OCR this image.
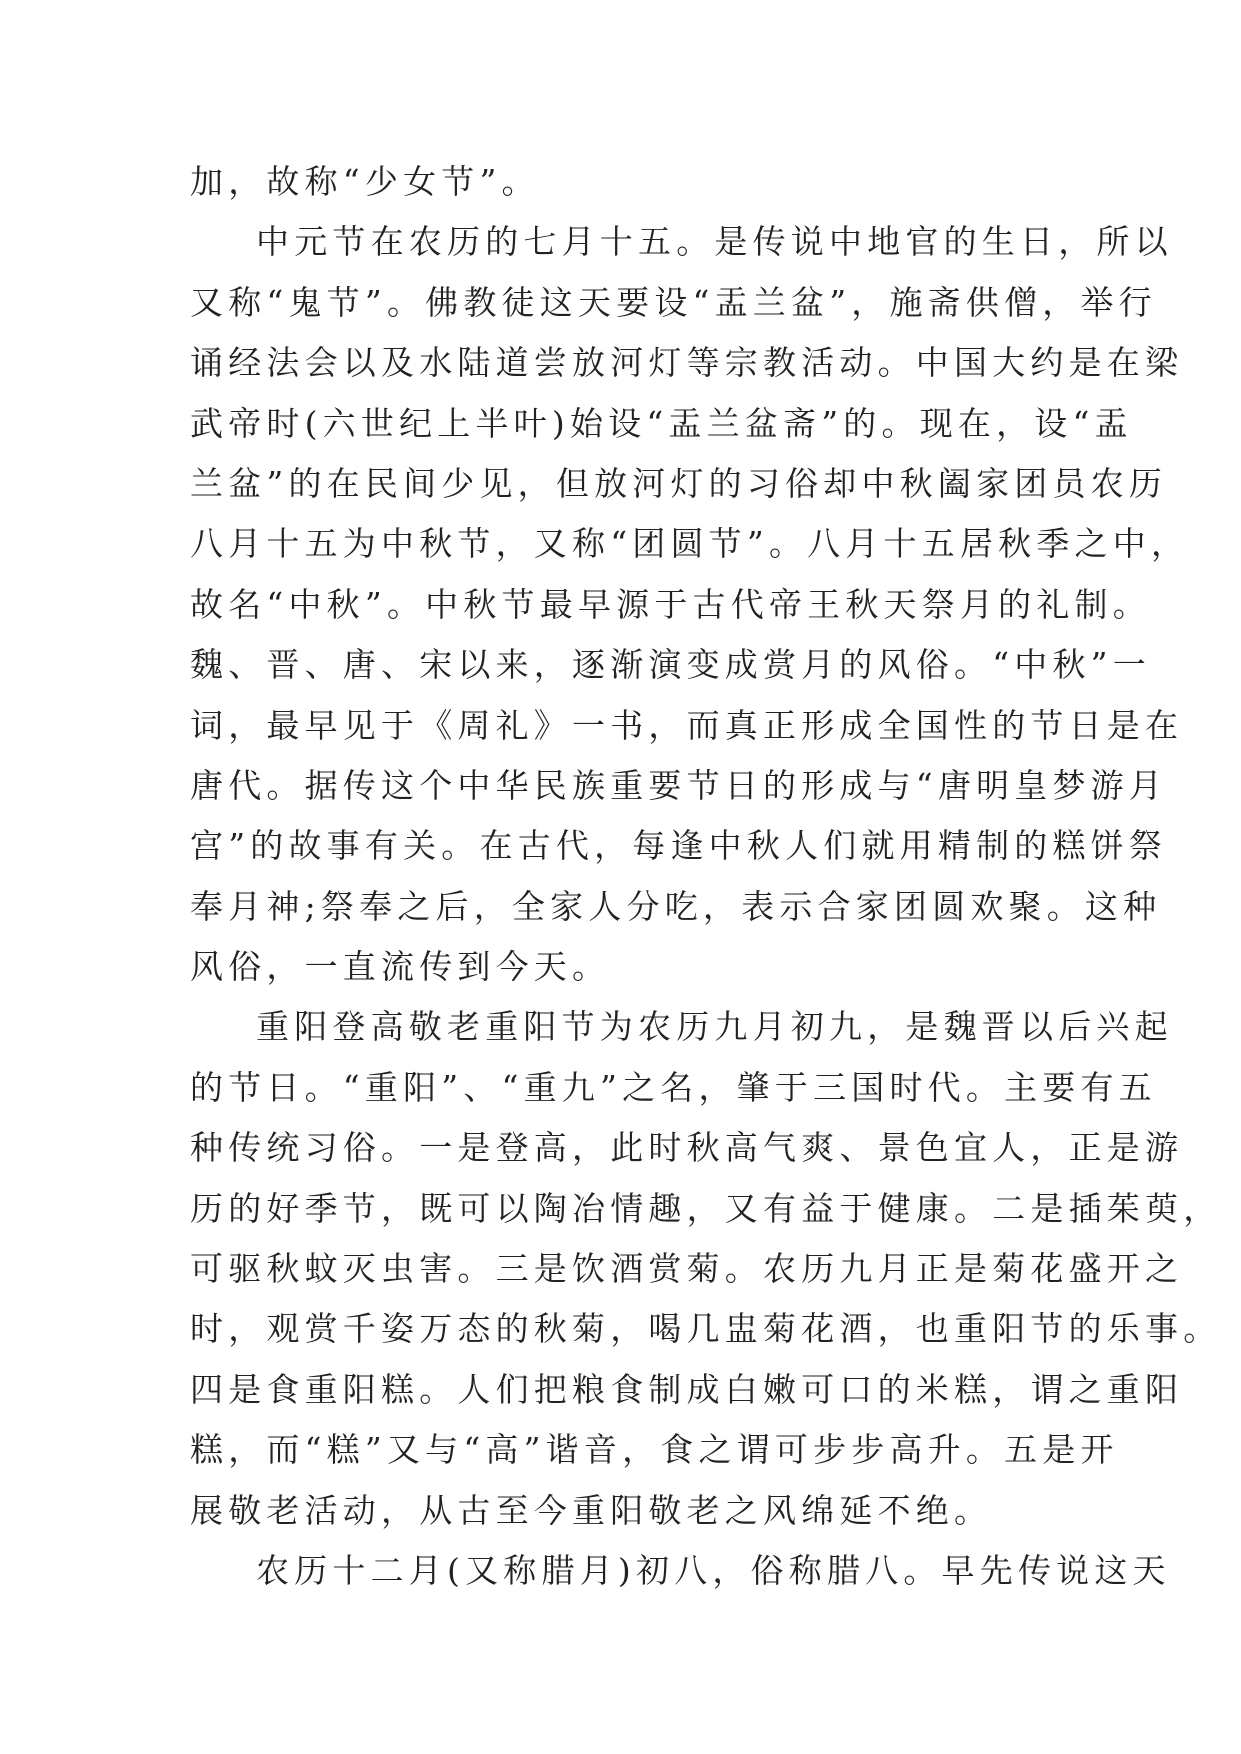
加，故称“少女节”。
中元节在农历的七月十五。是传说中地官的生日，所以
又称“鬼节”。佛教徒这天要设“盂兰盆”，施斋供僧，举行
诵经法会以及水陆道尝放河灯等宗教活动。中国大约是在梁
武帝时(六世纪上半叶)始设“盂兰盆斋”的。现在，设“盂
兰盆”的在民间少见，但放河灯的习俗却中秋阖家团员农历
八月十五为中秋节，又称“团圆节”。八月十五居秋季之中，
故名“中秋”。中秋节最早源于古代帝王秋天祭月的礼制。
魏、晋、唐、宋以来，逐渐演变成赏月的风俗。“中秋”一
词，最早见于《周礼》一书，而真正形成全国性的节日是在
唐代。据传这个中华民族重要节日的形成与“唐明皇梦游月
宫”的故事有关。在古代，每逢中秋人们就用精制的糕饼祭
奉月神;祭奉之后，全家人分吃，表示合家团圆欢聚。这种
风俗，一直流传到今天。
重阳登高敬老重阳节为农历九月初九，是魏晋以后兴起
的节日。“重阳”、“重九”之名，肇于三国时代。主要有五
种传统习俗。一是登高，此时秋高气爽、景色宜人，正是游
历的好季节，既可以陶冶情趣，又有益于健康。二是插茱萸，
可驱秋蚊灭虫害。三是饮酒赏菊。农历九月正是菊花盛开之
时，观赏千姿万态的秋菊，喝几盅菊花酒，也重阳节的乐事。
四是食重阳糕。人们把粮食制成白嫩可口的米糕，谓之重阳
糕，而“糕”又与“高”谐音，食之谓可步步高升。五是开
展敬老活动，从古至今重阳敬老之风绵延不绝。
农历十二月(又称腊月)初八，俗称腊八。早先传说这天
